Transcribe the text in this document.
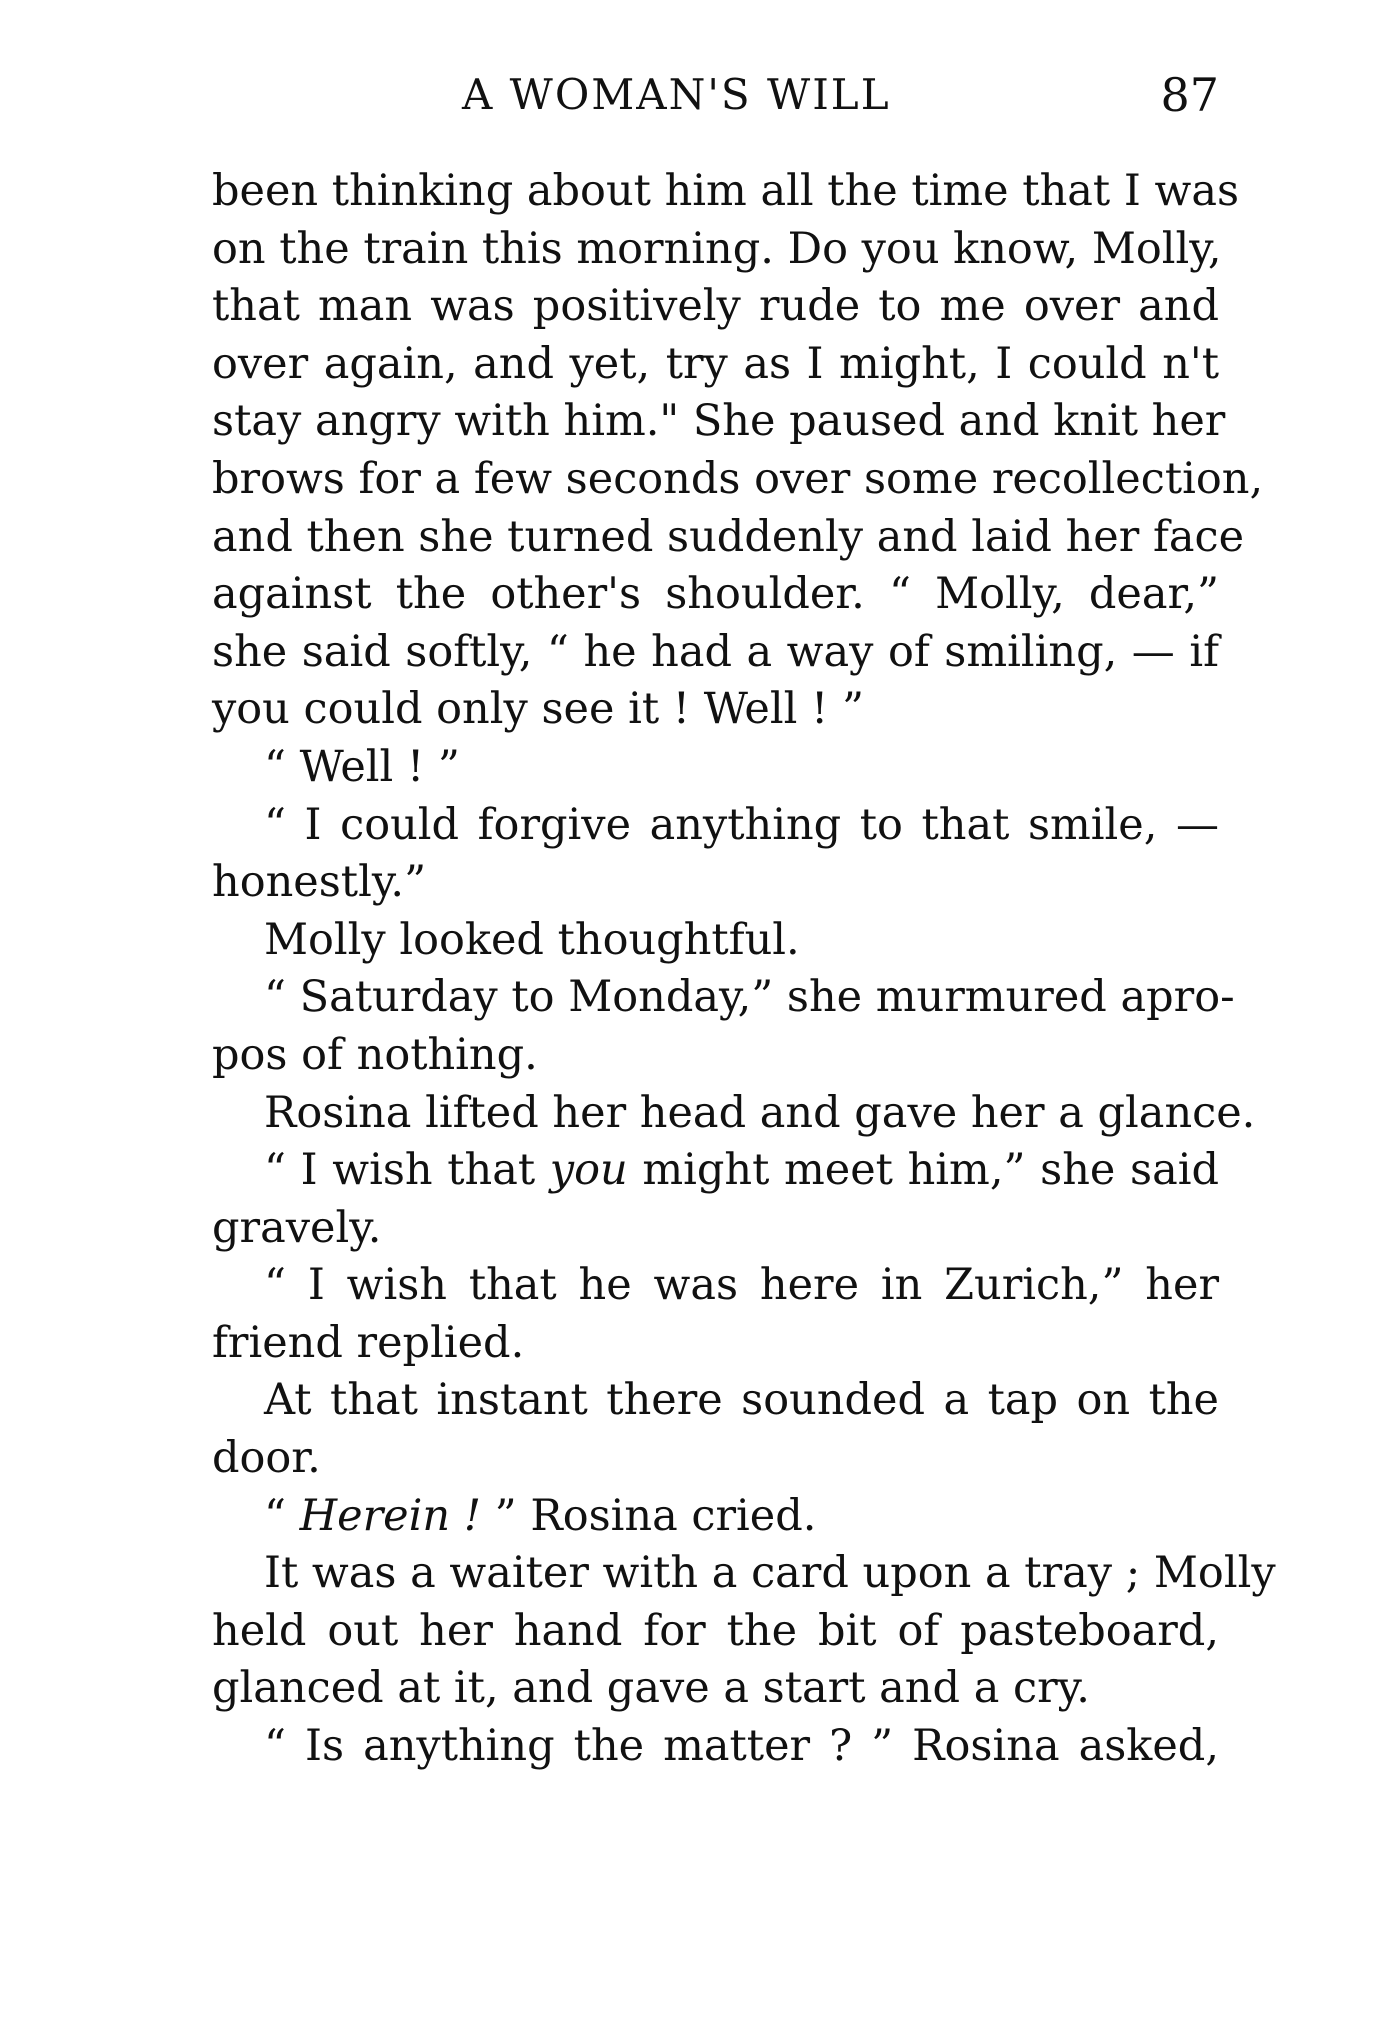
A WOMAN'S WILL	87
been thinking about him all the time that I was
on the train this morning. Do you know, Molly,
that man was positively rude to me over and
over again, and yet, try as I might, I could n't
stay angry with him." She paused and knit her
brows for a few seconds over some recollection,
and then she turned suddenly and laid her face
against the other's shoulder. “ Molly, dear,”
she said softly, “ he had a way of smiling, — if
you could only see it ! Well ! ”
“ Well ! ”
“ I could forgive anything to that smile, —
honestly.”
Molly looked thoughtful.
“ Saturday to Monday,” she murmured apro-
pos of nothing.
Rosina lifted her head and gave her a glance.
“ I wish that you might meet him,” she said
gravely.
“ I wish that he was here in Zurich,” her
friend replied.
At that instant there sounded a tap on the
door.
“ Herein ! ” Rosina cried.
It was a waiter with a card upon a tray ; Molly
held out her hand for the bit of pasteboard,
glanced at it, and gave a start and a cry.
“ Is anything the matter ? ” Rosina asked,
